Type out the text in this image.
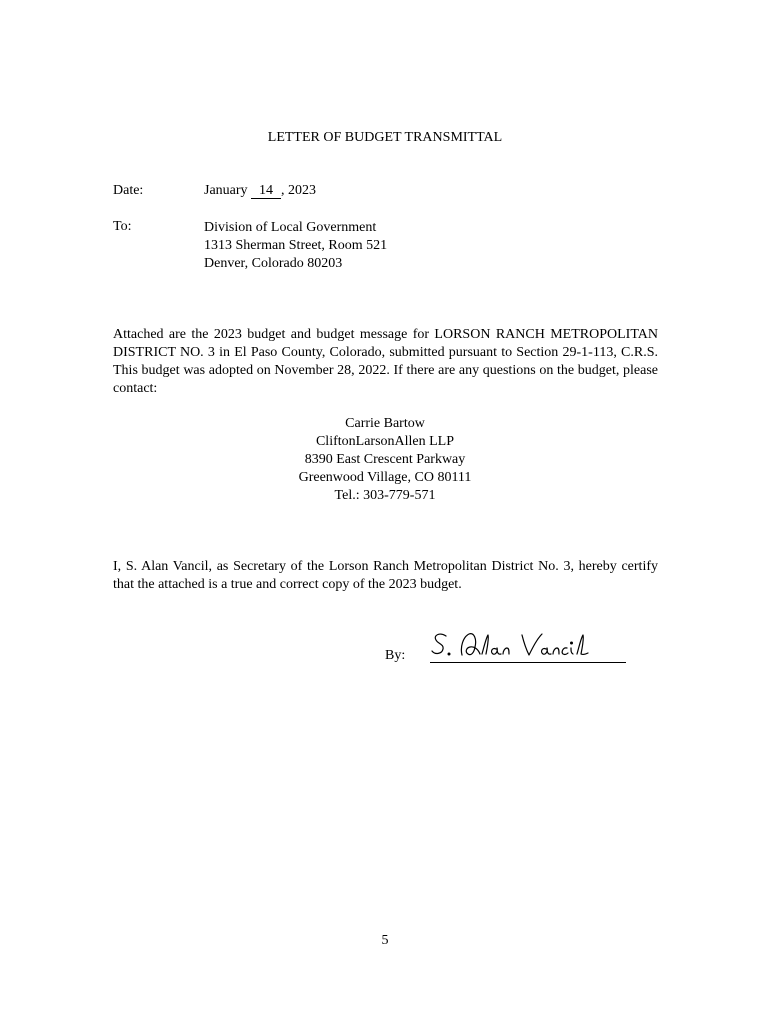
LETTER OF BUDGET TRANSMITTAL
Date:	January 14 , 2023
To:	Division of Local Government
1313 Sherman Street, Room 521
Denver, Colorado 80203
Attached are the 2023 budget and budget message for LORSON RANCH METROPOLITAN DISTRICT NO. 3 in El Paso County, Colorado, submitted pursuant to Section 29-1-113, C.R.S. This budget was adopted on November 28, 2022. If there are any questions on the budget, please contact:
Carrie Bartow
CliftonLarsonAllen LLP
8390 East Crescent Parkway
Greenwood Village, CO 80111
Tel.: 303-779-571
I, S. Alan Vancil, as Secretary of the Lorson Ranch Metropolitan District No. 3, hereby certify that the attached is a true and correct copy of the 2023 budget.
By:
5
